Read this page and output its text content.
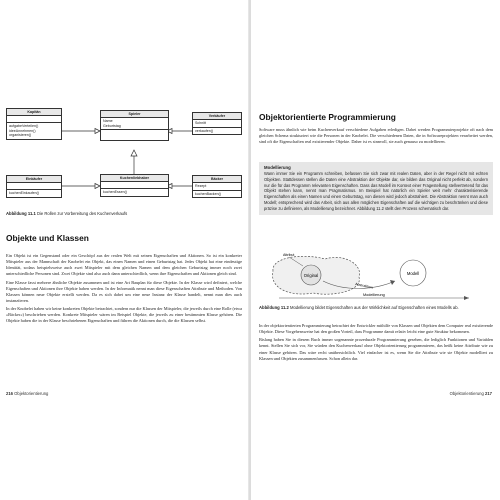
Kapitän
aufgabeVerteilen()
ideeAnnehmen()
organisieren()
Spieler
Name
Geburtstag
Verkäufer
Schnitt
verkaufen()
Einkäufer
kuchenEinkaufen()
Kuchenliebhaber
kuchenEssen()
Bäcker
Rezept
kuchenBacken()
Abbildung 11.1 Die Rollen zur Vorbereitung des Kuchenverkaufs
Objekte und Klassen

Ein Objekt ist ein Gegenstand oder ein Geschöpf aus der realen Welt mit seinen Eigenschaften und Aktionen. So ist ein konkreter Mitspieler aus der Mannschaft der Knobelei ein Objekt, das einen Namen und einen Geburtstag hat. Jedes Objekt hat eine eindeutige Identität, sodass beispielsweise auch zwei Mitspieler mit dem gleichen Namen und dem gleichen Geburtstag immer noch zwei unterschiedliche Personen sind. Zwei Objekte sind also auch dann unterschiedlich, wenn ihre Eigenschaften und Aktionen gleich sind.

Eine Klasse fasst mehrere ähnliche Objekte zusammen und ist eine Art Bauplan für diese Objekte. In der Klasse wird definiert, welche Eigenschaften und Aktionen ihre Objekte haben werden. In der Informatik nennt man diese Eigenschaften Attribute und Methoden. Von Klassen können neue Objekte erstellt werden. Da es sich dabei um eine neue Instanz der Klasse handelt, nennt man dies auch instanziieren.

In der Knobelei haben wir keine konkreten Objekte betrachtet, sondern nur die Klassen der Mitspieler, die jeweils durch eine Rolle (etwa »Bäcker«) beschrieben werden. Konkrete Mitspieler wären im Beispiel Objekte, die jeweils zu einer bestimmten Klasse gehören. Die Objekte haben die in der Klasse beschriebenen Eigenschaften und führen die Aktionen durch, die die Klassen selbst.

216 Objektorientierung
Objektorientierte Programmierung

Software muss ähnlich wie beim Kuchenverkauf verschiedene Aufgaben erledigen. Dabei werden Programmierprojekte oft nach dem gleichen Schema strukturiert wie die Personen in der Knobelei. Die verschiedenen Daten, die in Softwareprojekten verarbeitet werden, sind oft die Eigenschaften real existierender Objekte. Daher ist es sinnvoll, sie auch genauso zu modellieren.

Modellierung
Wann immer Sie ein Programm schreiben, befassen Sie sich zwar mit realen Daten, aber in der Regel nicht mit echten Objekten. Stattdessen stellen die Daten eine Abstraktion der Objekte dar, sie bilden das Original nicht perfekt ab, sondern nur die für das Programm relevanten Eigenschaften. Dass das Modell im Kontext einer Fragestellung stellvertretend für das Objekt stehen kann, nennt man Pragmatismus. Im Beispiel hat natürlich ein Spieler weit mehr charakterisierende Eigenschaften als einen Namen und einen Geburtstag, von diesen wird jedoch abstrahiert. Die Abstraktion nennt man auch Modell; entsprechend wird das Arbeit, sich aus allen möglichen Eigenschaften auf die wichtigen zu beschränken und diese präzise zu definieren, als Modellierung bezeichnet. Abbildung 11.2 stellt den Prozess schematisch dar.
Original
Attribut
Abstraktion
Modell
Modellierung
Abbildung 11.2 Modellierung bildet Eigenschaften aus der Wirklichkeit auf Eigenschaften eines Modells ab.

In der objektorientierten Programmierung betrachtet der Entwickler mithilfe von Klassen und Objekten dem Computer real existierende Objekte. Diese Vorgehensweise hat den großen Vorteil, dass Programme damit relativ leicht eine gute Struktur bekommen.

Bislang haben Sie in diesem Buch immer sogenannte prozedurale Programmierung gesehen, die lediglich Funktionen und Variablen kennt. Stellen Sie sich vor, Sie würden den Kuchenverkauf ohne Objektorientierung programmieren, das heißt keine Attribute wie zu einer Klasse gehören. Das wäre recht unübersichtlich. Viel einfacher ist es, wenn Sie die Attribute wie sie Objekte modelliert zu Klassen und Objekten zusammenfassen. Schon allein das

Objektorientierung 217
